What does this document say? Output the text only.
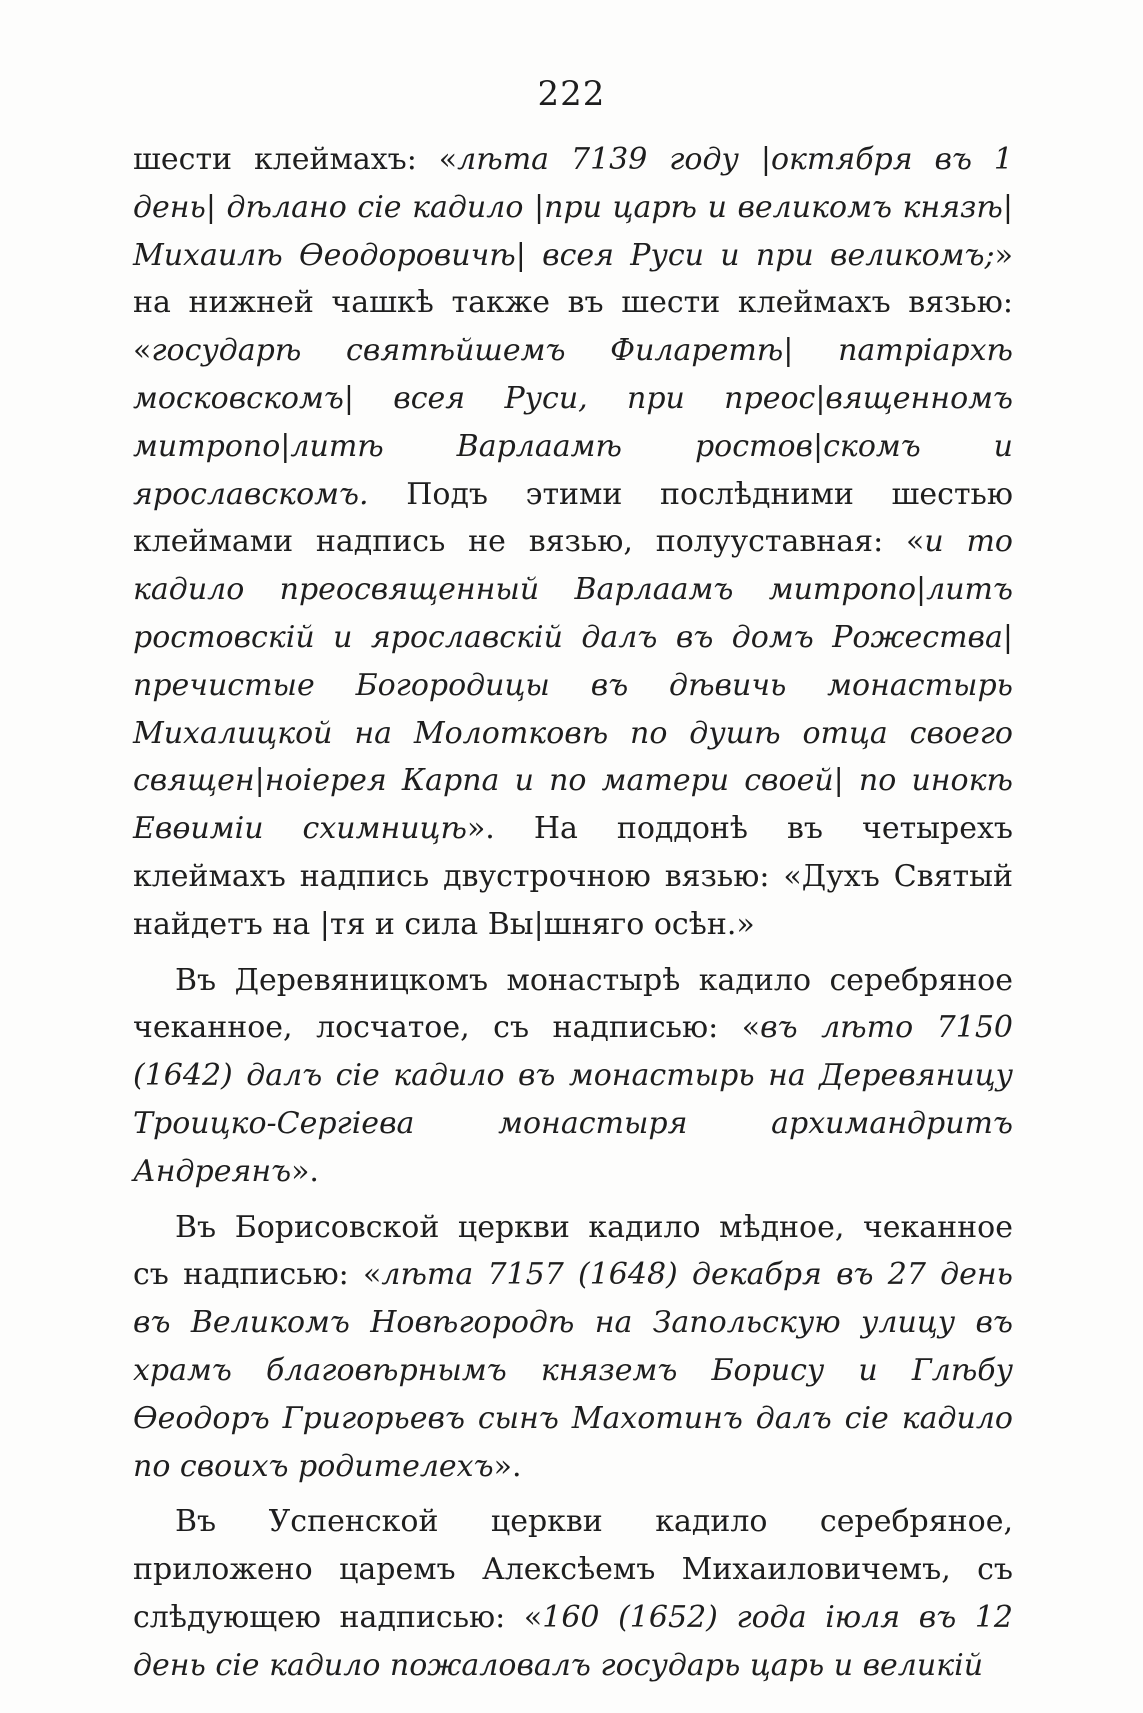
222

шести клеймахъ: «лѣта 7139 году |октября въ 1 день| дѣлано сіе кадило |при царѣ и великомъ князѣ| Михаилѣ Өеодоровичѣ| всея Руси и при великомъ;» на нижней чашкѣ также въ шести клеймахъ вязью: «государѣ святѣйшемъ Филаретѣ| патріархѣ московскомъ| всея Руси, при преос|вященномъ митропо|литѣ Варлаамѣ ростов|скомъ и ярославскомъ. Подъ этими послѣдними шестью клеймами надпись не вязью, полууставная: «и то кадило преосвященный Варлаамъ митропо|литъ ростовскій и ярославскій далъ въ домъ Рожества| пречистые Богородицы въ дѣвичь монастырь Михалицкой на Молотковѣ по душѣ отца своего священ|ноіерея Карпа и по матери своей| по инокѣ Евөиміи схимницѣ». На поддонѣ въ четырехъ клеймахъ надпись двустрочною вязью: «Духъ Святый найдетъ на |тя и сила Вы|шняго осѣн.»

Въ Деревяницкомъ монастырѣ кадило серебряное чеканное, лосчатое, съ надписью: «въ лѣто 7150 (1642) далъ сіе кадило въ монастырь на Деревяницу Троицко-Сергіева монастыря архимандритъ Андреянъ».

Въ Борисовской церкви кадило мѣдное, чеканное съ надписью: «лѣта 7157 (1648) декабря въ 27 день въ Великомъ Новѣгородѣ на Запольскую улицу въ храмъ благовѣрнымъ княземъ Борису и Глѣбу Өеодоръ Григорьевъ сынъ Махотинъ далъ сіе кадило по своихъ родителехъ».

Въ Успенской церкви кадило серебряное, приложено царемъ Алексѣемъ Михаиловичемъ, съ слѣдующею надписью: «160 (1652) года іюля въ 12 день сіе кадило пожаловалъ государь царь и великій
